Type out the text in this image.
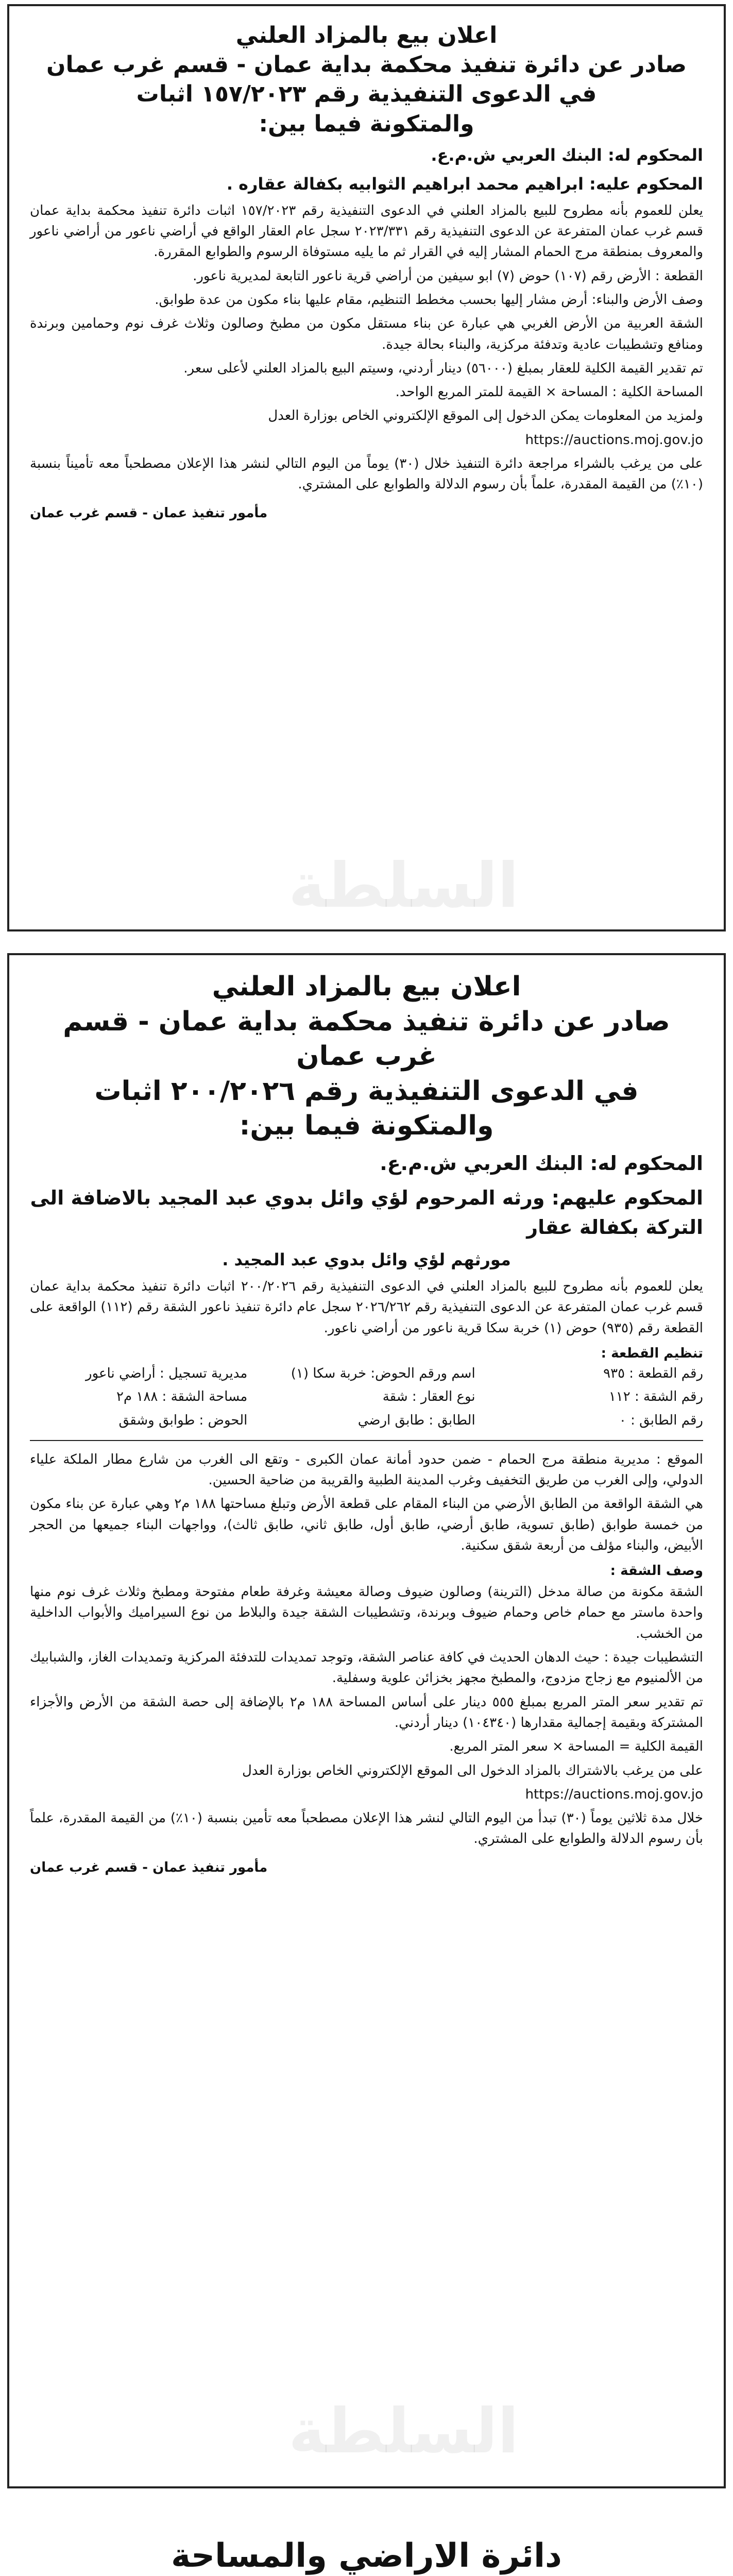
اعلان بيع بالمزاد العلني

صادر عن دائرة تنفيذ محكمة بداية عمان - قسم غرب عمان

في الدعوى التنفيذية رقم ١٥٧/٢٠٢٣ اثبات

والمتكونة فيما بين:

المحكوم له: البنك العربي ش.م.ع.

المحكوم عليه: ابراهيم محمد ابراهيم الثوابيه بكفالة عقاره .

يعلن للعموم بأنه مطروح للبيع بالمزاد العلني في الدعوى التنفيذية رقم ١٥٧/٢٠٢٣ اثبات دائرة تنفيذ محكمة بداية عمان قسم غرب عمان المتفرعة عن الدعوى التنفيذية رقم ٢٠٢٣/٣٣١ سجل عام العقار الواقع في أراضي ناعور من أراضي ناعور والمعروف بمنطقة مرج الحمام المشار إليه في القرار ثم ما يليه مستوفاة الرسوم والطوابع المقررة.

القطعة : الأرض رقم (١٠٧) حوض (٧) ابو سيفين من أراضي قرية ناعور التابعة لمديرية ناعور.

وصف الأرض والبناء: أرض مشار إليها بحسب مخطط التنظيم، مقام عليها بناء مكون من عدة طوابق.

الشقة العربية من الأرض الغربي هي عبارة عن بناء مستقل مكون من مطبخ وصالون وثلاث غرف نوم وحمامين وبرندة ومنافع وتشطيبات عادية وتدفئة مركزية، والبناء بحالة جيدة.

تم تقدير القيمة الكلية للعقار بمبلغ (٥٦٠٠٠) دينار أردني، وسيتم البيع بالمزاد العلني لأعلى سعر.

المساحة الكلية : المساحة × القيمة للمتر المربع الواحد.

ولمزيد من المعلومات يمكن الدخول إلى الموقع الإلكتروني الخاص بوزارة العدل

https://auctions.moj.gov.jo

على من يرغب بالشراء مراجعة دائرة التنفيذ خلال (٣٠) يوماً من اليوم التالي لنشر هذا الإعلان مصطحباً معه تأميناً بنسبة (١٠٪) من القيمة المقدرة، علماً بأن رسوم الدلالة والطوابع على المشتري.

مأمور تنفيذ عمان - قسم غرب عمان

اعلان بيع بالمزاد العلني

صادر عن دائرة تنفيذ محكمة بداية عمان - قسم غرب عمان

في الدعوى التنفيذية رقم ٢٠٠/٢٠٢٦ اثبات

والمتكونة فيما بين:

المحكوم له: البنك العربي ش.م.ع.

المحكوم عليهم: ورثه المرحوم لؤي وائل بدوي عبد المجيد بالاضافة الى التركة بكفالة عقار

مورثهم لؤي وائل بدوي عبد المجيد .

يعلن للعموم بأنه مطروح للبيع بالمزاد العلني في الدعوى التنفيذية رقم ٢٠٠/٢٠٢٦ اثبات دائرة تنفيذ محكمة بداية عمان قسم غرب عمان المتفرعة عن الدعوى التنفيذية رقم ٢٠٢٦/٢٦٢ سجل عام دائرة تنفيذ ناعور الشقة رقم (١١٢) الواقعة على القطعة رقم (٩٣٥) حوض (١) خربة سكا قرية ناعور من أراضي ناعور.

تنظيم القطعة :

رقم القطعة : ٩٣٥
اسم ورقم الحوض: خربة سكا (١)
مديرية تسجيل : أراضي ناعور
رقم الشقة : ١١٢
نوع العقار : شقة
مساحة الشقة : ١٨٨ م٢
رقم الطابق : ٠
الطابق : طابق ارضي
الحوض : طوابق وشقق

الموقع : مديرية منطقة مرج الحمام - ضمن حدود أمانة عمان الكبرى - وتقع الى الغرب من شارع مطار الملكة علياء الدولي، وإلى الغرب من طريق التخفيف وغرب المدينة الطبية والقريبة من ضاحية الحسين.

هي الشقة الواقعة من الطابق الأرضي من البناء المقام على قطعة الأرض وتبلغ مساحتها ١٨٨ م٢ وهي عبارة عن بناء مكون من خمسة طوابق (طابق تسوية، طابق أرضي، طابق أول، طابق ثاني، طابق ثالث)، وواجهات البناء جميعها من الحجر الأبيض، والبناء مؤلف من أربعة شقق سكنية.

وصف الشقة :

الشقة مكونة من صالة مدخل (الترينة) وصالون ضيوف وصالة معيشة وغرفة طعام مفتوحة ومطبخ وثلاث غرف نوم منها واحدة ماستر مع حمام خاص وحمام ضيوف وبرندة، وتشطيبات الشقة جيدة والبلاط من نوع السيراميك والأبواب الداخلية من الخشب.

التشطيبات جيدة : حيث الدهان الحديث في كافة عناصر الشقة، وتوجد تمديدات للتدفئة المركزية وتمديدات الغاز، والشبابيك من الألمنيوم مع زجاج مزدوج، والمطبخ مجهز بخزائن علوية وسفلية.

تم تقدير سعر المتر المربع بمبلغ ٥٥٥ دينار على أساس المساحة ١٨٨ م٢ بالإضافة إلى حصة الشقة من الأرض والأجزاء المشتركة وبقيمة إجمالية مقدارها (١٠٤٣٤٠) دينار أردني.

القيمة الكلية = المساحة × سعر المتر المربع.

على من يرغب بالاشتراك بالمزاد الدخول الى الموقع الإلكتروني الخاص بوزارة العدل

https://auctions.moj.gov.jo

خلال مدة ثلاثين يوماً (٣٠) تبدأ من اليوم التالي لنشر هذا الإعلان مصطحباً معه تأمين بنسبة (١٠٪) من القيمة المقدرة، علماً بأن رسوم الدلالة والطوابع على المشتري.

مأمور تنفيذ عمان - قسم غرب عمان

دائرة الاراضي والمساحة
